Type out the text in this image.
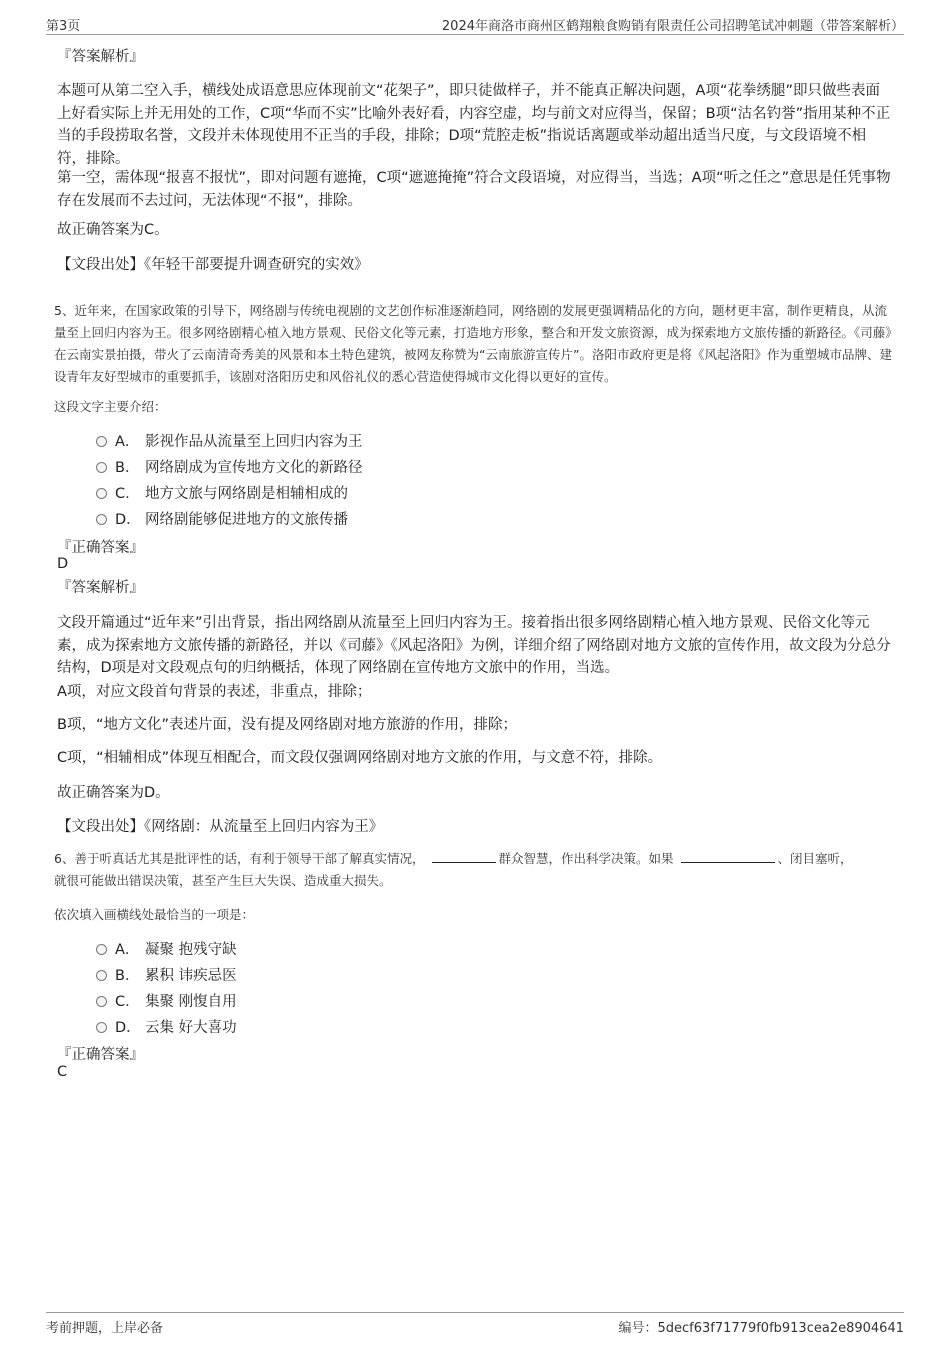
第3页	2024年商洛市商州区鹤翔粮食购销有限责任公司招聘笔试冲刺题（带答案解析）
『答案解析』
本题可从第二空入手，横线处成语意思应体现前文“花架子”，即只徒做样子，并不能真正解决问题，A项“花拳绣腿”即只做些表面上好看实际上并无用处的工作，C项“华而不实”比喻外表好看，内容空虚，均与前文对应得当，保留；B项“沽名钓誉”指用某种不正当的手段捞取名誉，文段并未体现使用不正当的手段，排除；D项“荒腔走板”指说话离题或举动超出适当尺度，与文段语境不相符，排除。
第一空，需体现“报喜不报忧”，即对问题有遮掩，C项“遮遮掩掩”符合文段语境，对应得当，当选；A项“听之任之”意思是任凭事物存在发展而不去过问，无法体现“不报”，排除。
故正确答案为C。
【文段出处】《年轻干部要提升调查研究的实效》
5、近年来，在国家政策的引导下，网络剧与传统电视剧的文艺创作标准逐渐趋同，网络剧的发展更强调精品化的方向，题材更丰富，制作更精良，从流量至上回归内容为王。很多网络剧精心植入地方景观、民俗文化等元素，打造地方形象，整合和开发文旅资源，成为探索地方文旅传播的新路径。《司藤》在云南实景拍摄，带火了云南清奇秀美的风景和本土特色建筑，被网友称赞为“云南旅游宣传片”。洛阳市政府更是将《风起洛阳》作为重塑城市品牌、建设青年友好型城市的重要抓手，该剧对洛阳历史和风俗礼仪的悉心营造使得城市文化得以更好的宣传。
这段文字主要介绍：
A． 影视作品从流量至上回归内容为王
B． 网络剧成为宣传地方文化的新路径
C． 地方文旅与网络剧是相辅相成的
D． 网络剧能够促进地方的文旅传播
『正确答案』
D
『答案解析』
文段开篇通过“近年来”引出背景，指出网络剧从流量至上回归内容为王。接着指出很多网络剧精心植入地方景观、民俗文化等元素，成为探索地方文旅传播的新路径，并以《司藤》《风起洛阳》为例，详细介绍了网络剧对地方文旅的宣传作用，故文段为分总分结构，D项是对文段观点句的归纳概括，体现了网络剧在宣传地方文旅中的作用，当选。
A项，对应文段首句背景的表述，非重点，排除；
B项，“地方文化”表述片面，没有提及网络剧对地方旅游的作用，排除；
C项，“相辅相成”体现互相配合，而文段仅强调网络剧对地方文旅的作用，与文意不符，排除。
故正确答案为D。
【文段出处】《网络剧：从流量至上回归内容为王》
6、善于听真话尤其是批评性的话，有利于领导干部了解真实情况，	群众智慧，作出科学决策。如果	、闭目塞听，
就很可能做出错误决策，甚至产生巨大失误、造成重大损失。
依次填入画横线处最恰当的一项是：
A． 凝聚 抱残守缺
B． 累积 讳疾忌医
C． 集聚 刚愎自用
D． 云集 好大喜功
『正确答案』
C
考前押题，上岸必备	编号：5decf63f71779f0fb913cea2e8904641
